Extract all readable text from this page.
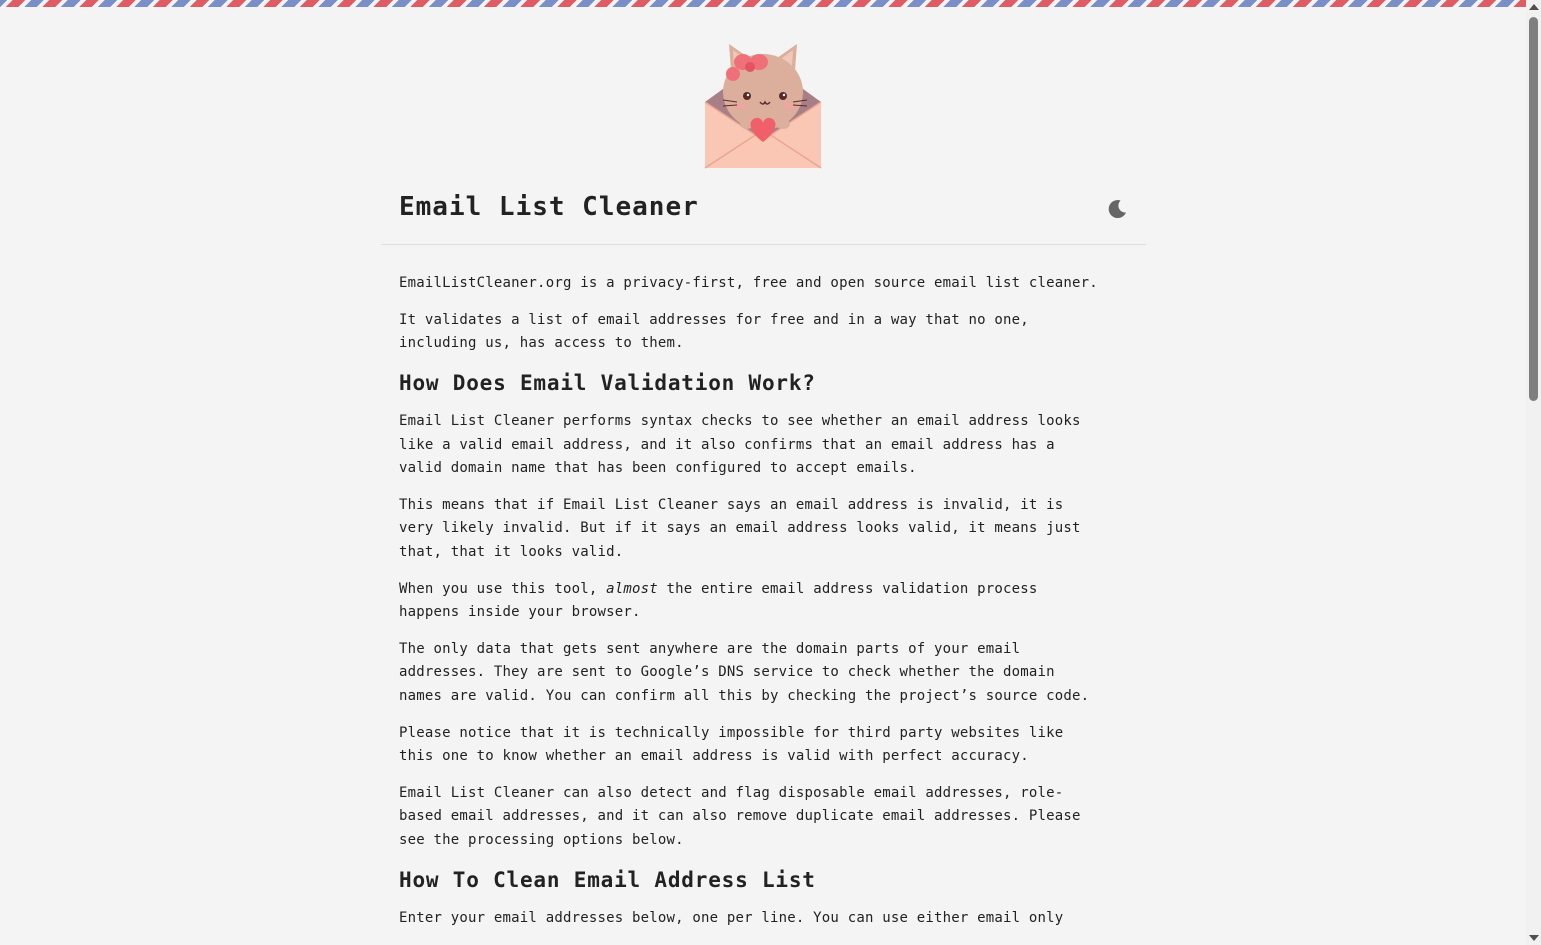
Email List Cleaner

EmailListCleaner.org is a privacy-first, free and open source email list cleaner.

It validates a list of email addresses for free and in a way that no one,
including us, has access to them.

How Does Email Validation Work?

Email List Cleaner performs syntax checks to see whether an email address looks
like a valid email address, and it also confirms that an email address has a
valid domain name that has been configured to accept emails.

This means that if Email List Cleaner says an email address is invalid, it is
very likely invalid. But if it says an email address looks valid, it means just
that, that it looks valid.

When you use this tool, almost the entire email address validation process
happens inside your browser.

The only data that gets sent anywhere are the domain parts of your email
addresses. They are sent to Google’s DNS service to check whether the domain
names are valid. You can confirm all this by checking the project’s source code.

Please notice that it is technically impossible for third party websites like
this one to know whether an email address is valid with perfect accuracy.

Email List Cleaner can also detect and flag disposable email addresses, role-
based email addresses, and it can also remove duplicate email addresses. Please
see the processing options below.

How To Clean Email Address List

Enter your email addresses below, one per line. You can use either email only
